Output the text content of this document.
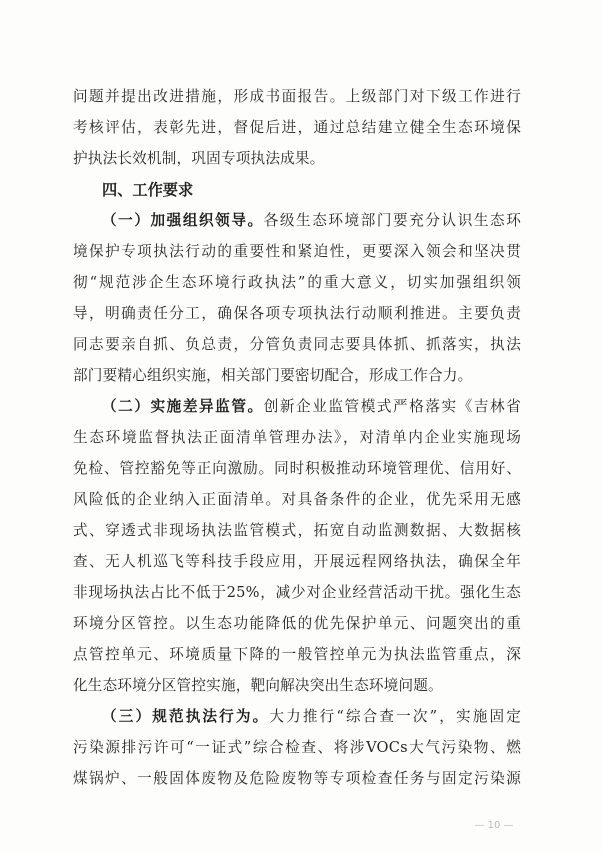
问题并提出改进措施，形成书面报告。上级部门对下级工作进行
考核评估，表彰先进，督促后进，通过总结建立健全生态环境保
护执法长效机制，巩固专项执法成果。
四、工作要求
（一）加强组织领导。各级生态环境部门要充分认识生态环
境保护专项执法行动的重要性和紧迫性，更要深入领会和坚决贯
彻“规范涉企生态环境行政执法”的重大意义，切实加强组织领
导，明确责任分工，确保各项专项执法行动顺利推进。主要负责
同志要亲自抓、负总责，分管负责同志要具体抓、抓落实，执法
部门要精心组织实施，相关部门要密切配合，形成工作合力。
（二）实施差异监管。创新企业监管模式严格落实《吉林省
生态环境监督执法正面清单管理办法》，对清单内企业实施现场
免检、管控豁免等正向激励。同时积极推动环境管理优、信用好、
风险低的企业纳入正面清单。对具备条件的企业，优先采用无感
式、穿透式非现场执法监管模式，拓宽自动监测数据、大数据核
查、无人机巡飞等科技手段应用，开展远程网络执法，确保全年
非现场执法占比不低于25%，减少对企业经营活动干扰。强化生态
环境分区管控。以生态功能降低的优先保护单元、问题突出的重
点管控单元、环境质量下降的一般管控单元为执法监管重点，深
化生态环境分区管控实施，靶向解决突出生态环境问题。
（三）规范执法行为。大力推行“综合查一次”，实施固定
污染源排污许可“一证式”综合检查、将涉VOCs大气污染物、燃
煤锅炉、一般固体废物及危险废物等专项检查任务与固定污染源
— 10 —
